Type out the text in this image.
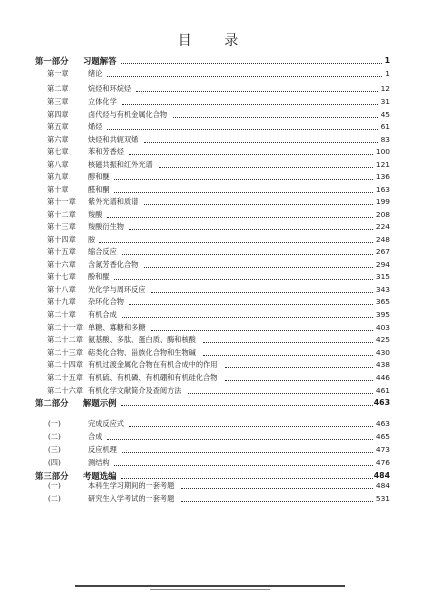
目 录
第一部分 习题解答	1
第一章	绪论	1
第二章	烷烃和环烷烃	12
第三章	立体化学	31
第四章	卤代烃与有机金属化合物	45
第五章	烯烃	61
第六章	炔烃和共轭双烯	83
第七章	苯和芳香烃	100
第八章	核磁共振和红外光谱	121
第九章	醇和醚	136
第十章	醛和酮	163
第十一章 紫外光谱和质谱	199
第十二章 羧酸	208
第十三章 羧酸衍生物	224
第十四章 胺	248
第十五章 缩合反应	267
第十六章 含氮芳香化合物	294
第十七章 酚和醌	315
第十八章 光化学与周环反应	343
第十九章 杂环化合物	365
第二十章 有机合成	395
第二十一章 单糖、寡糖和多糖	403
第二十二章 氨基酸、多肽、蛋白质、酶和核酸	425
第二十三章 萜类化合物、甾族化合物和生物碱	430
第二十四章 有机过渡金属化合物在有机合成中的作用	438
第二十五章 有机硫、有机磷、有机硼和有机硅化合物	446
第二十六章 有机化学文献简介及查阅方法	461
第二部分 解题示例	463
(一)	完成反应式	463
(二)	合成	465
(三)	反应机理	473
(四)	测结构	476
第三部分 考题选编	484
(一)	本科生学习期间的一套考题	484
(二)	研究生入学考试的一套考题	531
